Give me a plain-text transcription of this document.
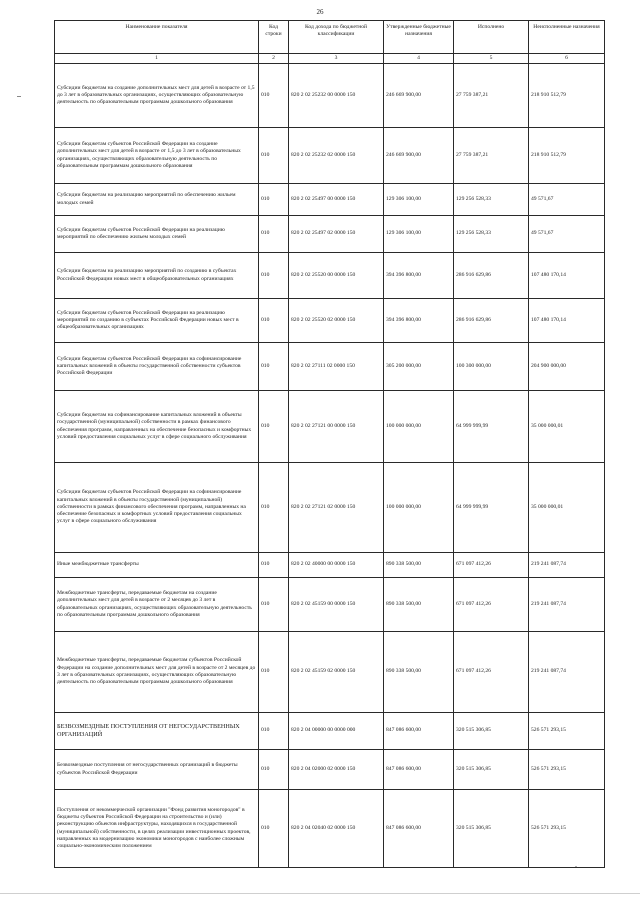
26
Наименование показателя	Код строки	Код дохода по бюджетной классификации	Утвержденные бюджетные назначения	Исполнено	Неисполненные назначения
1	2	3	4	5	6
Субсидии бюджетам на создание дополнительных мест для детей в возрасте от 1,5 до 3 лет в образовательных организациях, осуществляющих образовательную деятельность по образовательным программам дошкольного образования	010	820 2 02 25232 00 0000 150	246 669 900,00	27 759 387,21	218 910 512,79
Субсидии бюджетам субъектов Российской Федерации на создание дополнительных мест для детей в возрасте от 1,5 до 3 лет в образовательных организациях, осуществляющих образовательную деятельность по образовательным программам дошкольного образования	010	820 2 02 25232 02 0000 150	246 669 900,00	27 759 387,21	218 910 512,79
Субсидии бюджетам на реализацию мероприятий по обеспечению жильем молодых семей	010	820 2 02 25497 00 0000 150	129 306 100,00	129 256 528,33	49 571,67
Субсидии бюджетам субъектов Российской Федерации на реализацию мероприятий по обеспечению жильем молодых семей	010	820 2 02 25497 02 0000 150	129 306 100,00	129 256 528,33	49 571,67
Субсидии бюджетам на реализацию мероприятий по созданию в субъектах Российской Федерации новых мест в общеобразовательных организациях	010	820 2 02 25520 00 0000 150	394 396 800,00	286 916 629,86	107 480 170,14
Субсидии бюджетам субъектов Российской Федерации на реализацию мероприятий по созданию в субъектах Российской Федерации новых мест в общеобразовательных организациях	010	820 2 02 25520 02 0000 150	394 396 800,00	286 916 629,86	107 480 170,14
Субсидии бюджетам субъектов Российской Федерации на софинансирование капитальных вложений в объекты государственной собственности субъектов Российской Федерации	010	820 2 02 27111 02 0000 150	305 200 000,00	100 300 000,00	204 900 000,00
Субсидии бюджетам на софинансирование капитальных вложений в объекты государственной (муниципальной) собственности в рамках финансового обеспечения программ, направленных на обеспечение безопасных и комфортных условий предоставления социальных услуг в сфере социального обслуживания	010	820 2 02 27121 00 0000 150	100 000 000,00	64 999 999,99	35 000 000,01
Субсидии бюджетам субъектов Российской Федерации на софинансирование капитальных вложений в объекты государственной (муниципальной) собственности в рамках финансового обеспечения программ, направленных на обеспечение безопасных и комфортных условий предоставления социальных услуг в сфере социального обслуживания	010	820 2 02 27121 02 0000 150	100 000 000,00	64 999 999,99	35 000 000,01
Иные межбюджетные трансферты	010	820 2 02 40000 00 0000 150	890 338 500,00	671 097 412,26	219 241 087,74
Межбюджетные трансферты, передаваемые бюджетам на создание дополнительных мест для детей в возрасте от 2 месяцев до 3 лет в образовательных организациях, осуществляющих образовательную деятельность по образовательным программам дошкольного образования	010	820 2 02 45159 00 0000 150	890 338 500,00	671 097 412,26	219 241 087,74
Межбюджетные трансферты, передаваемые бюджетам субъектов Российской Федерации на создание дополнительных мест для детей в возрасте от 2 месяцев до 3 лет в образовательных организациях, осуществляющих образовательную деятельность по образовательным программам дошкольного образования	010	820 2 02 45159 02 0000 150	890 338 500,00	671 097 412,26	219 241 087,74
БЕЗВОЗМЕЗДНЫЕ ПОСТУПЛЕНИЯ ОТ НЕГОСУДАРСТВЕННЫХ ОРГАНИЗАЦИЙ	010	820 2 04 00000 00 0000 000	847 086 600,00	320 515 306,85	526 571 293,15
Безвозмездные поступления от негосударственных организаций в бюджеты субъектов Российской Федерации	010	820 2 04 02000 02 0000 150	847 086 600,00	320 515 306,85	526 571 293,15
Поступления от некоммерческой организации "Фонд развития моногородов" в бюджеты субъектов Российской Федерации на строительство и (или) реконструкцию объектов инфраструктуры, находящихся в государственной (муниципальной) собственности, в целях реализации инвестиционных проектов, направленных на модернизацию экономики моногородов с наиболее сложным социально-экономическим положением	010	820 2 04 02040 02 0000 150	847 086 600,00	320 515 306,85	526 571 293,15
